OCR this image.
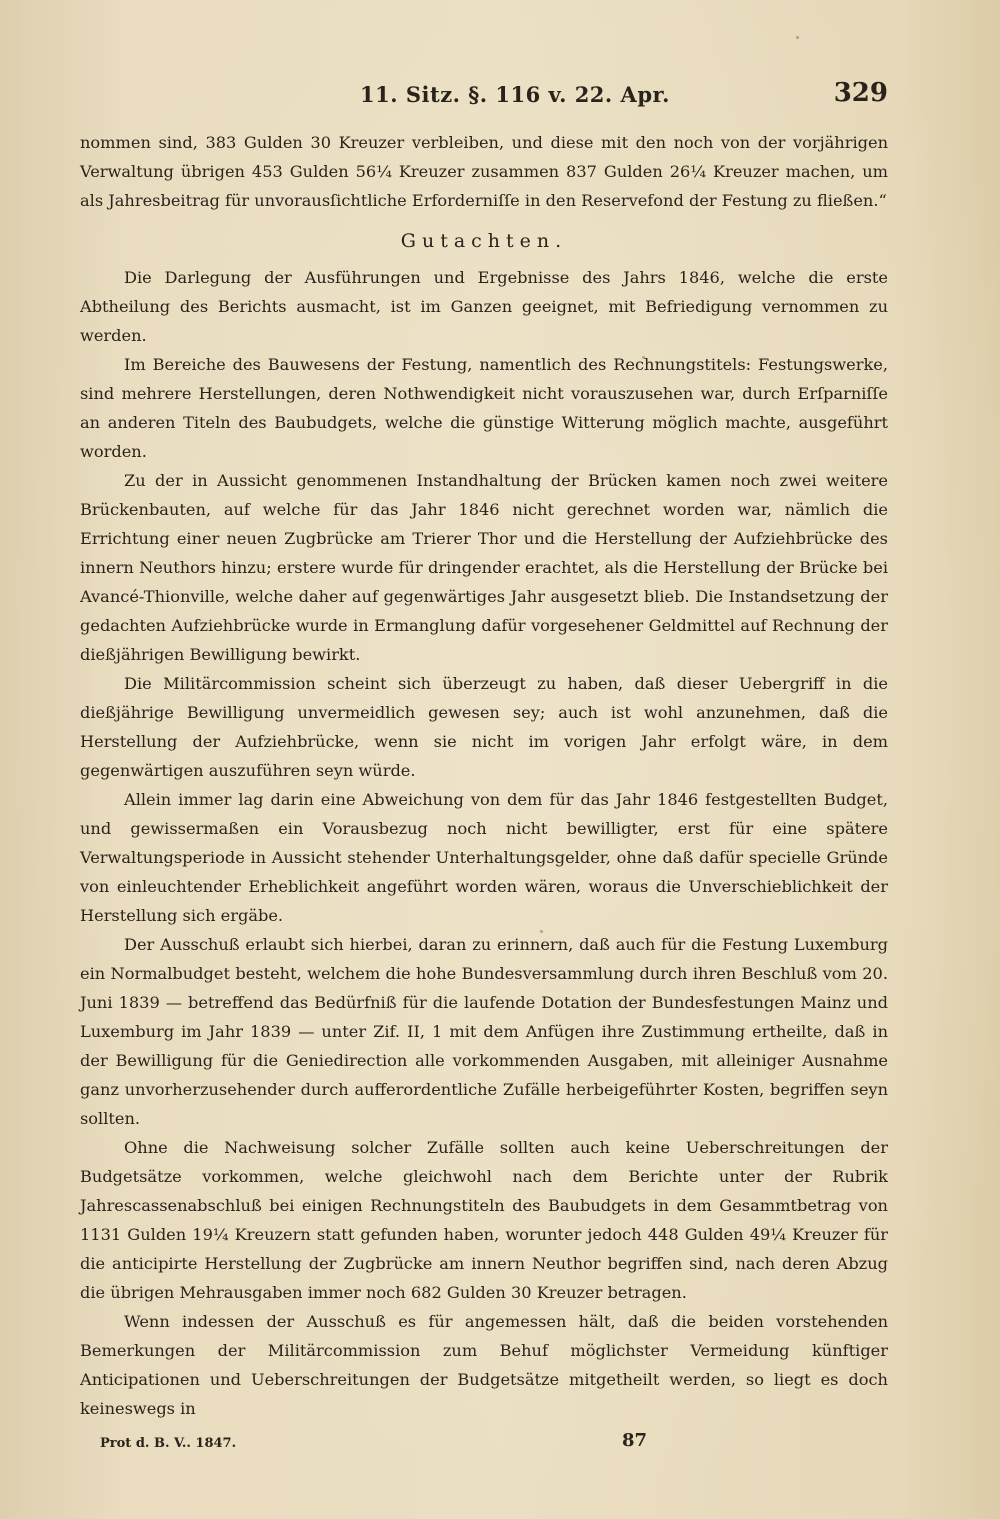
11. Sitz. §. 116 v. 22. Apr.	329

nommen sind, 383 Gulden 30 Kreuzer verbleiben, und diese mit den noch von der vorjährigen Verwaltung übrigen 453 Gulden 56¼ Kreuzer zusammen 837 Gulden 26¼ Kreuzer machen, um als Jahresbeitrag für unvorausſichtliche Erforderniſſe in den Reservefond der Festung zu fließen.“

Gutachten.

Die Darlegung der Ausführungen und Ergebnisse des Jahrs 1846, welche die erste Abtheilung des Berichts ausmacht, ist im Ganzen geeignet, mit Befriedigung vernommen zu werden.

Im Bereiche des Bauwesens der Festung, namentlich des Rechnungstitels: Festungswerke, sind mehrere Herstellungen, deren Nothwendigkeit nicht vorauszusehen war, durch Erſparniſſe an anderen Titeln des Baubudgets, welche die günstige Witterung möglich machte, ausgeführt worden.

Zu der in Aussicht genommenen Instandhaltung der Brücken kamen noch zwei weitere Brückenbauten, auf welche für das Jahr 1846 nicht gerechnet worden war, nämlich die Errichtung einer neuen Zugbrücke am Trierer Thor und die Herstellung der Aufziehbrücke des innern Neuthors hinzu; erstere wurde für dringender erachtet, als die Herstellung der Brücke bei Avancé-Thionville, welche daher auf gegenwärtiges Jahr ausgesetzt blieb. Die Instandsetzung der gedachten Aufziehbrücke wurde in Ermanglung dafür vorgesehener Geldmittel auf Rechnung der dießjährigen Bewilligung bewirkt.

Die Militärcommission scheint sich überzeugt zu haben, daß dieser Uebergriff in die dießjährige Bewilligung unvermeidlich gewesen sey; auch ist wohl anzunehmen, daß die Herstellung der Aufziehbrücke, wenn sie nicht im vorigen Jahr erfolgt wäre, in dem gegenwärtigen auszuführen seyn würde.

Allein immer lag darin eine Abweichung von dem für das Jahr 1846 festgestellten Budget, und gewissermaßen ein Vorausbezug noch nicht bewilligter, erst für eine spätere Verwaltungsperiode in Aussicht stehender Unterhaltungsgelder, ohne daß dafür specielle Gründe von einleuchtender Erheblichkeit angeführt worden wären, woraus die Unverschieblichkeit der Herstellung sich ergäbe.

Der Ausschuß erlaubt sich hierbei, daran zu erinnern, daß auch für die Festung Luxemburg ein Normalbudget besteht, welchem die hohe Bundesversammlung durch ihren Beschluß vom 20. Juni 1839 — betreffend das Bedürfniß für die laufende Dotation der Bundesfestungen Mainz und Luxemburg im Jahr 1839 — unter Zif. II, 1 mit dem Anfügen ihre Zustimmung ertheilte, daß in der Bewilligung für die Geniedirection alle vorkommenden Ausgaben, mit alleiniger Ausnahme ganz unvorherzusehender durch aufferordentliche Zufälle herbeigeführter Kosten, begriffen seyn sollten.

Ohne die Nachweisung solcher Zufälle sollten auch keine Ueberschreitungen der Budgetsätze vorkommen, welche gleichwohl nach dem Berichte unter der Rubrik Jahrescassenabschluß bei einigen Rechnungstiteln des Baubudgets in dem Gesammtbetrag von 1131 Gulden 19¼ Kreuzern statt gefunden haben, worunter jedoch 448 Gulden 49¼ Kreuzer für die anticipirte Herstellung der Zugbrücke am innern Neuthor begriffen sind, nach deren Abzug die übrigen Mehrausgaben immer noch 682 Gulden 30 Kreuzer betragen.

Wenn indessen der Ausschuß es für angemessen hält, daß die beiden vorstehenden Bemerkungen der Militärcommission zum Behuf möglichster Vermeidung künftiger Anticipationen und Ueberschreitungen der Budgetsätze mitgetheilt werden, so liegt es doch keineswegs in

Prot d. B. V.. 1847.	87
